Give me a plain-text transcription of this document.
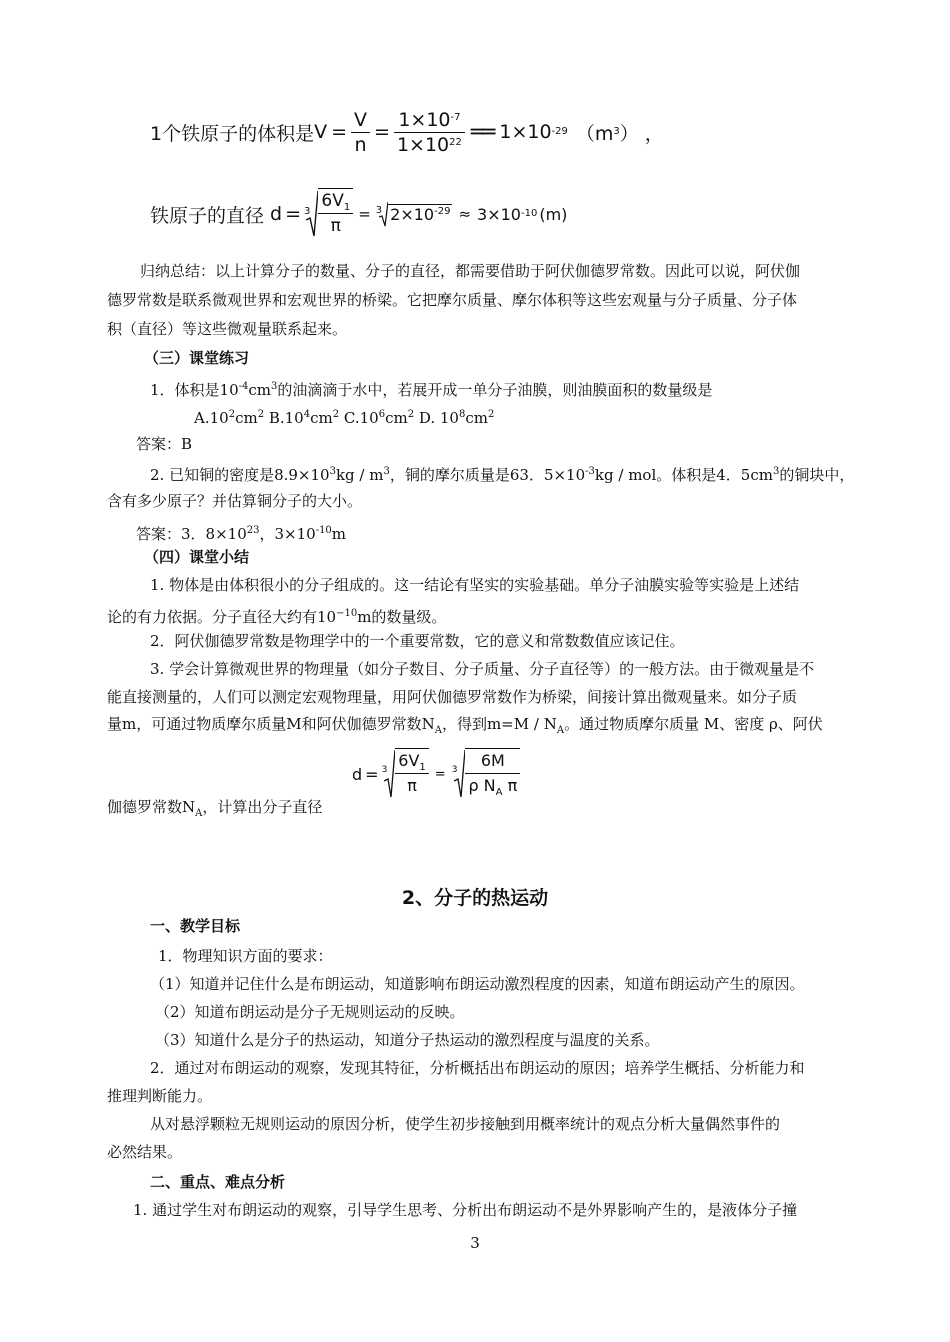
1个铁原子的体积是 $V = \frac{V}{n} = \frac{1\times 10^{-7}}{1\times 10^{22}}$ ══ 1×10 -29 （m 3 ） ，
铁原子的直径 $d = 3 \frac{6V_1}{\pi} = 3$ $2\times 10^{-29} \approx 3\times 10$ -10 (m)
归纳总结：以上计算分子的数量、分子的直径，都需要借助于阿伏伽德罗常数。因此可以说，阿伏伽
德罗常数是联系微观世界和宏观世界的桥梁。它把摩尔质量、摩尔体积等这些宏观量与分子质量、分子体
积（直径）等这些微观量联系起来。
（三）课堂练习
1．体积是$10^{-4}cm^3$的油滴滴于水中，若展开成一单分子油膜，则油膜面积的数量级是
$A.10^2cm^2$ $B.10^4cm^2$ $C.10^6cm^2$ D. $10^8cm^2$
答案：B
2. 已知铜的密度是$8.9\times 10^3kg / m^3$，铜的摩尔质量是63．$5\times 10^{-3}kg$ / mol。体积是4．$5cm^3$的铜块中，
含有多少原子？并估算铜分子的大小。
答案：3．$8\times 10^{23}$，$3\times 10^{-10}m$
（四）课堂小结
1. 物体是由体积很小的分子组成的。这一结论有坚实的实验基础。单分子油膜实验等实验是上述结
论的有力依据。分子直径大约有$10^{-10}m$的数量级。
2．阿伏伽德罗常数是物理学中的一个重要常数，它的意义和常数数值应该记住。
3. 学会计算微观世界的物理量（如分子数目、分子质量、分子直径等）的一般方法。由于微观量是不
能直接测量的，人们可以测定宏观物理量，用阿伏伽德罗常数作为桥梁，间接计算出微观量来。如分子质
量m，可通过物质摩尔质量M和阿伏伽德罗常数$N_A$，得到$m=M / N_A$。通过物质摩尔质量 M、密度 ρ、阿伏
$d = 3 \frac{6V_1}{\pi} = 3 \frac{6M}{\rho N_A \pi}$
伽德罗常数$N_A$，计算出分子直径
2、分子的热运动
一、教学目标
1．物理知识方面的要求：
（1）知道并记住什么是布朗运动，知道影响布朗运动激烈程度的因素，知道布朗运动产生的原因。
（2）知道布朗运动是分子无规则运动的反映。
（3）知道什么是分子的热运动，知道分子热运动的激烈程度与温度的关系。
2．通过对布朗运动的观察，发现其特征，分析概括出布朗运动的原因；培养学生概括、分析能力和
推理判断能力。
从对悬浮颗粒无规则运动的原因分析，使学生初步接触到用概率统计的观点分析大量偶然事件的
必然结果。
二、重点、难点分析
1. 通过学生对布朗运动的观察，引导学生思考、分析出布朗运动不是外界影响产生的，是液体分子撞
3
